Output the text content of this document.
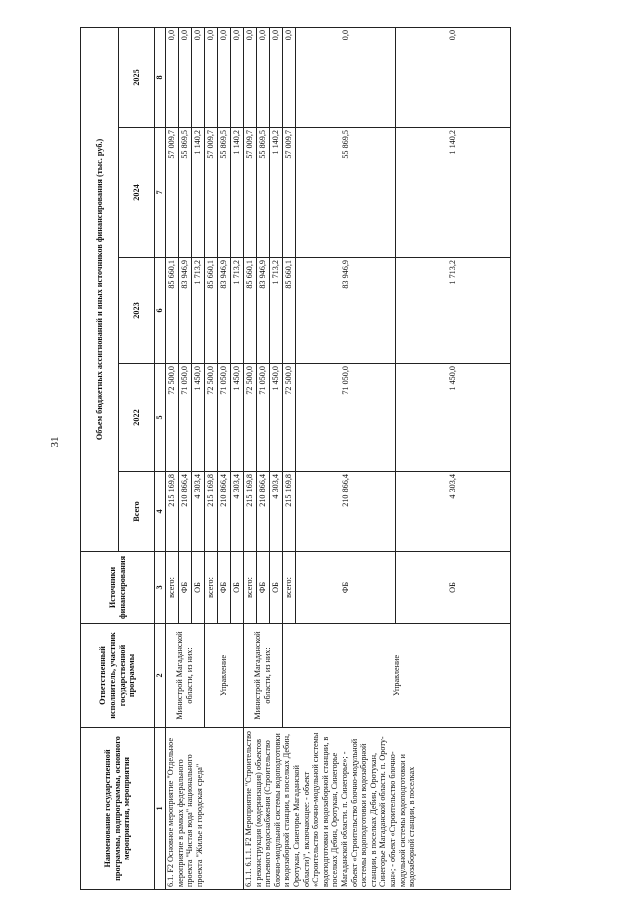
31
Наименование государственной программы, подпрограммы, основного мероприятия, мероприятия	Ответственный исполнитель, участник государственной программы	Источники финансирования	Объем бюджетных ассигнований и иных источников финансирования (тыс. руб.)				
			Всего	2022	2023	2024	2025
1	2	3	4	5	6	7	8
6.1. F2 Основное мероприятие "Отдельное мероприятие в рамках федерального проекта "Чистая вода" национального проекта "Жилье и городская среда"	Министрой Магаданской области, из них:	всего:	215 169,8	72 500,0	85 660,1	57 009,7	0,0
		ФБ	210 866,4	71 050,0	83 946,9	55 869,5	0,0
		ОБ	4 303,4	1 450,0	1 713,2	1 140,2	0,0
	Управление	всего:	215 169,8	72 500,0	85 660,1	57 009,7	0,0
		ФБ	210 866,4	71 050,0	83 946,9	55 869,5	0,0
		ОБ	4 303,4	1 450,0	1 713,2	1 140,2	0,0
6.1.1. 6.1.1. F2 Мероприятие "Строительство и реконструкция (модернизация) объектов питьевого водоснабжения (Строительство блочно-модульной системы водоподготовки и водозаборной станции, в поселках Дебин, Оротукан, Синегорье Магаданской области)", включающее: - объект «Строительство блочно-модульной системы водоподготовки и водозаборной станции, в поселках Дебин, Оротукан, Синегорье Магаданской области. п. Синегорье»; - объект «Строительство блочно-модульной системы водоподготовки и водозаборной станции, в поселках Дебин, Оротукан, Синегорье Магаданской области. п. Оротукан»; - объект «Строительство блочно-модульной системы водоподготовки и водозаборной станции, в поселках	Министрой Магаданской области, из них:	всего:	215 169,8	72 500,0	85 660,1	57 009,7	0,0
		ФБ	210 866,4	71 050,0	83 946,9	55 869,5	0,0
		ОБ	4 303,4	1 450,0	1 713,2	1 140,2	0,0
	Управление	всего:	215 169,8	72 500,0	85 660,1	57 009,7	0,0
		ФБ	210 866,4	71 050,0	83 946,9	55 869,5	0,0
		ОБ	4 303,4	1 450,0	1 713,2	1 140,2	0,0
